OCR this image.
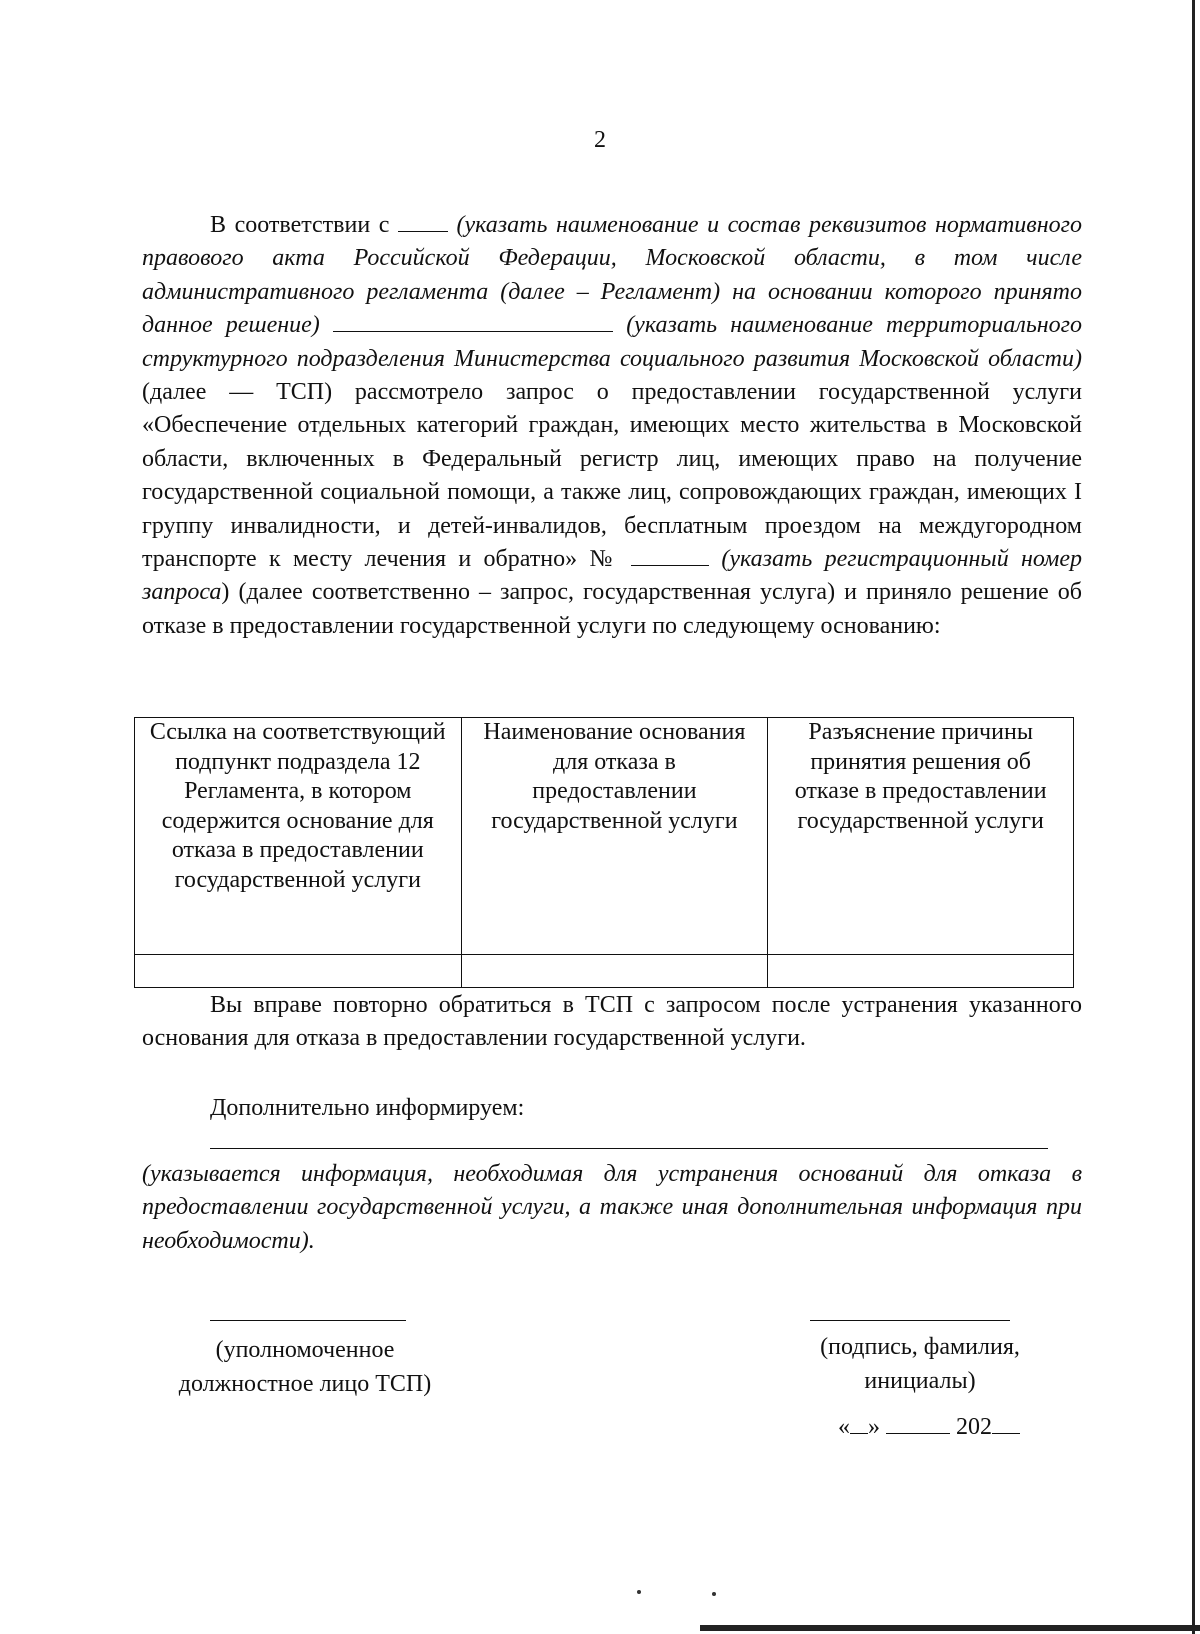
2
В соответствии с  (указать наименование и состав реквизитов нормативного правового акта Российской Федерации, Московской области, в том числе административного регламента (далее – Регламент) на основании которого принято данное решение)	(указать наименование территориального структурного подразделения Министерства социального развития Московской области) (далее — ТСП) рассмотрело запрос о предоставлении государственной услуги «Обеспечение отдельных категорий граждан, имеющих место жительства в Московской области, включенных в Федеральный регистр лиц, имеющих право на получение государственной социальной помощи, а также лиц, сопровождающих граждан, имеющих I группу инвалидности, и детей-инвалидов, бесплатным проездом на междугородном транспорте к месту лечения и обратно» №	(указать регистрационный номер запроса) (далее соответственно – запрос, государственная услуга) и приняло решение об отказе в предоставлении государственной услуги по следующему основанию:
Ссылка на соответствующий подпункт подраздела 12 Регламента, в котором содержится основание для отказа в предоставлении государственной услуги	Наименование основания для отказа в предоставлении государственной услуги	Разъяснение причины принятия решения об отказе в предоставлении государственной услуги

Вы вправе повторно обратиться в ТСП с запросом после устранения указанного основания для отказа в предоставлении государственной услуги.
Дополнительно информируем:
(указывается информация, необходимая для устранения оснований для отказа в предоставлении государственной услуги, а также иная дополнительная информация при необходимости).
(уполномоченное
должностное лицо ТСП)
(подпись, фамилия,
инициалы)
« »	202
